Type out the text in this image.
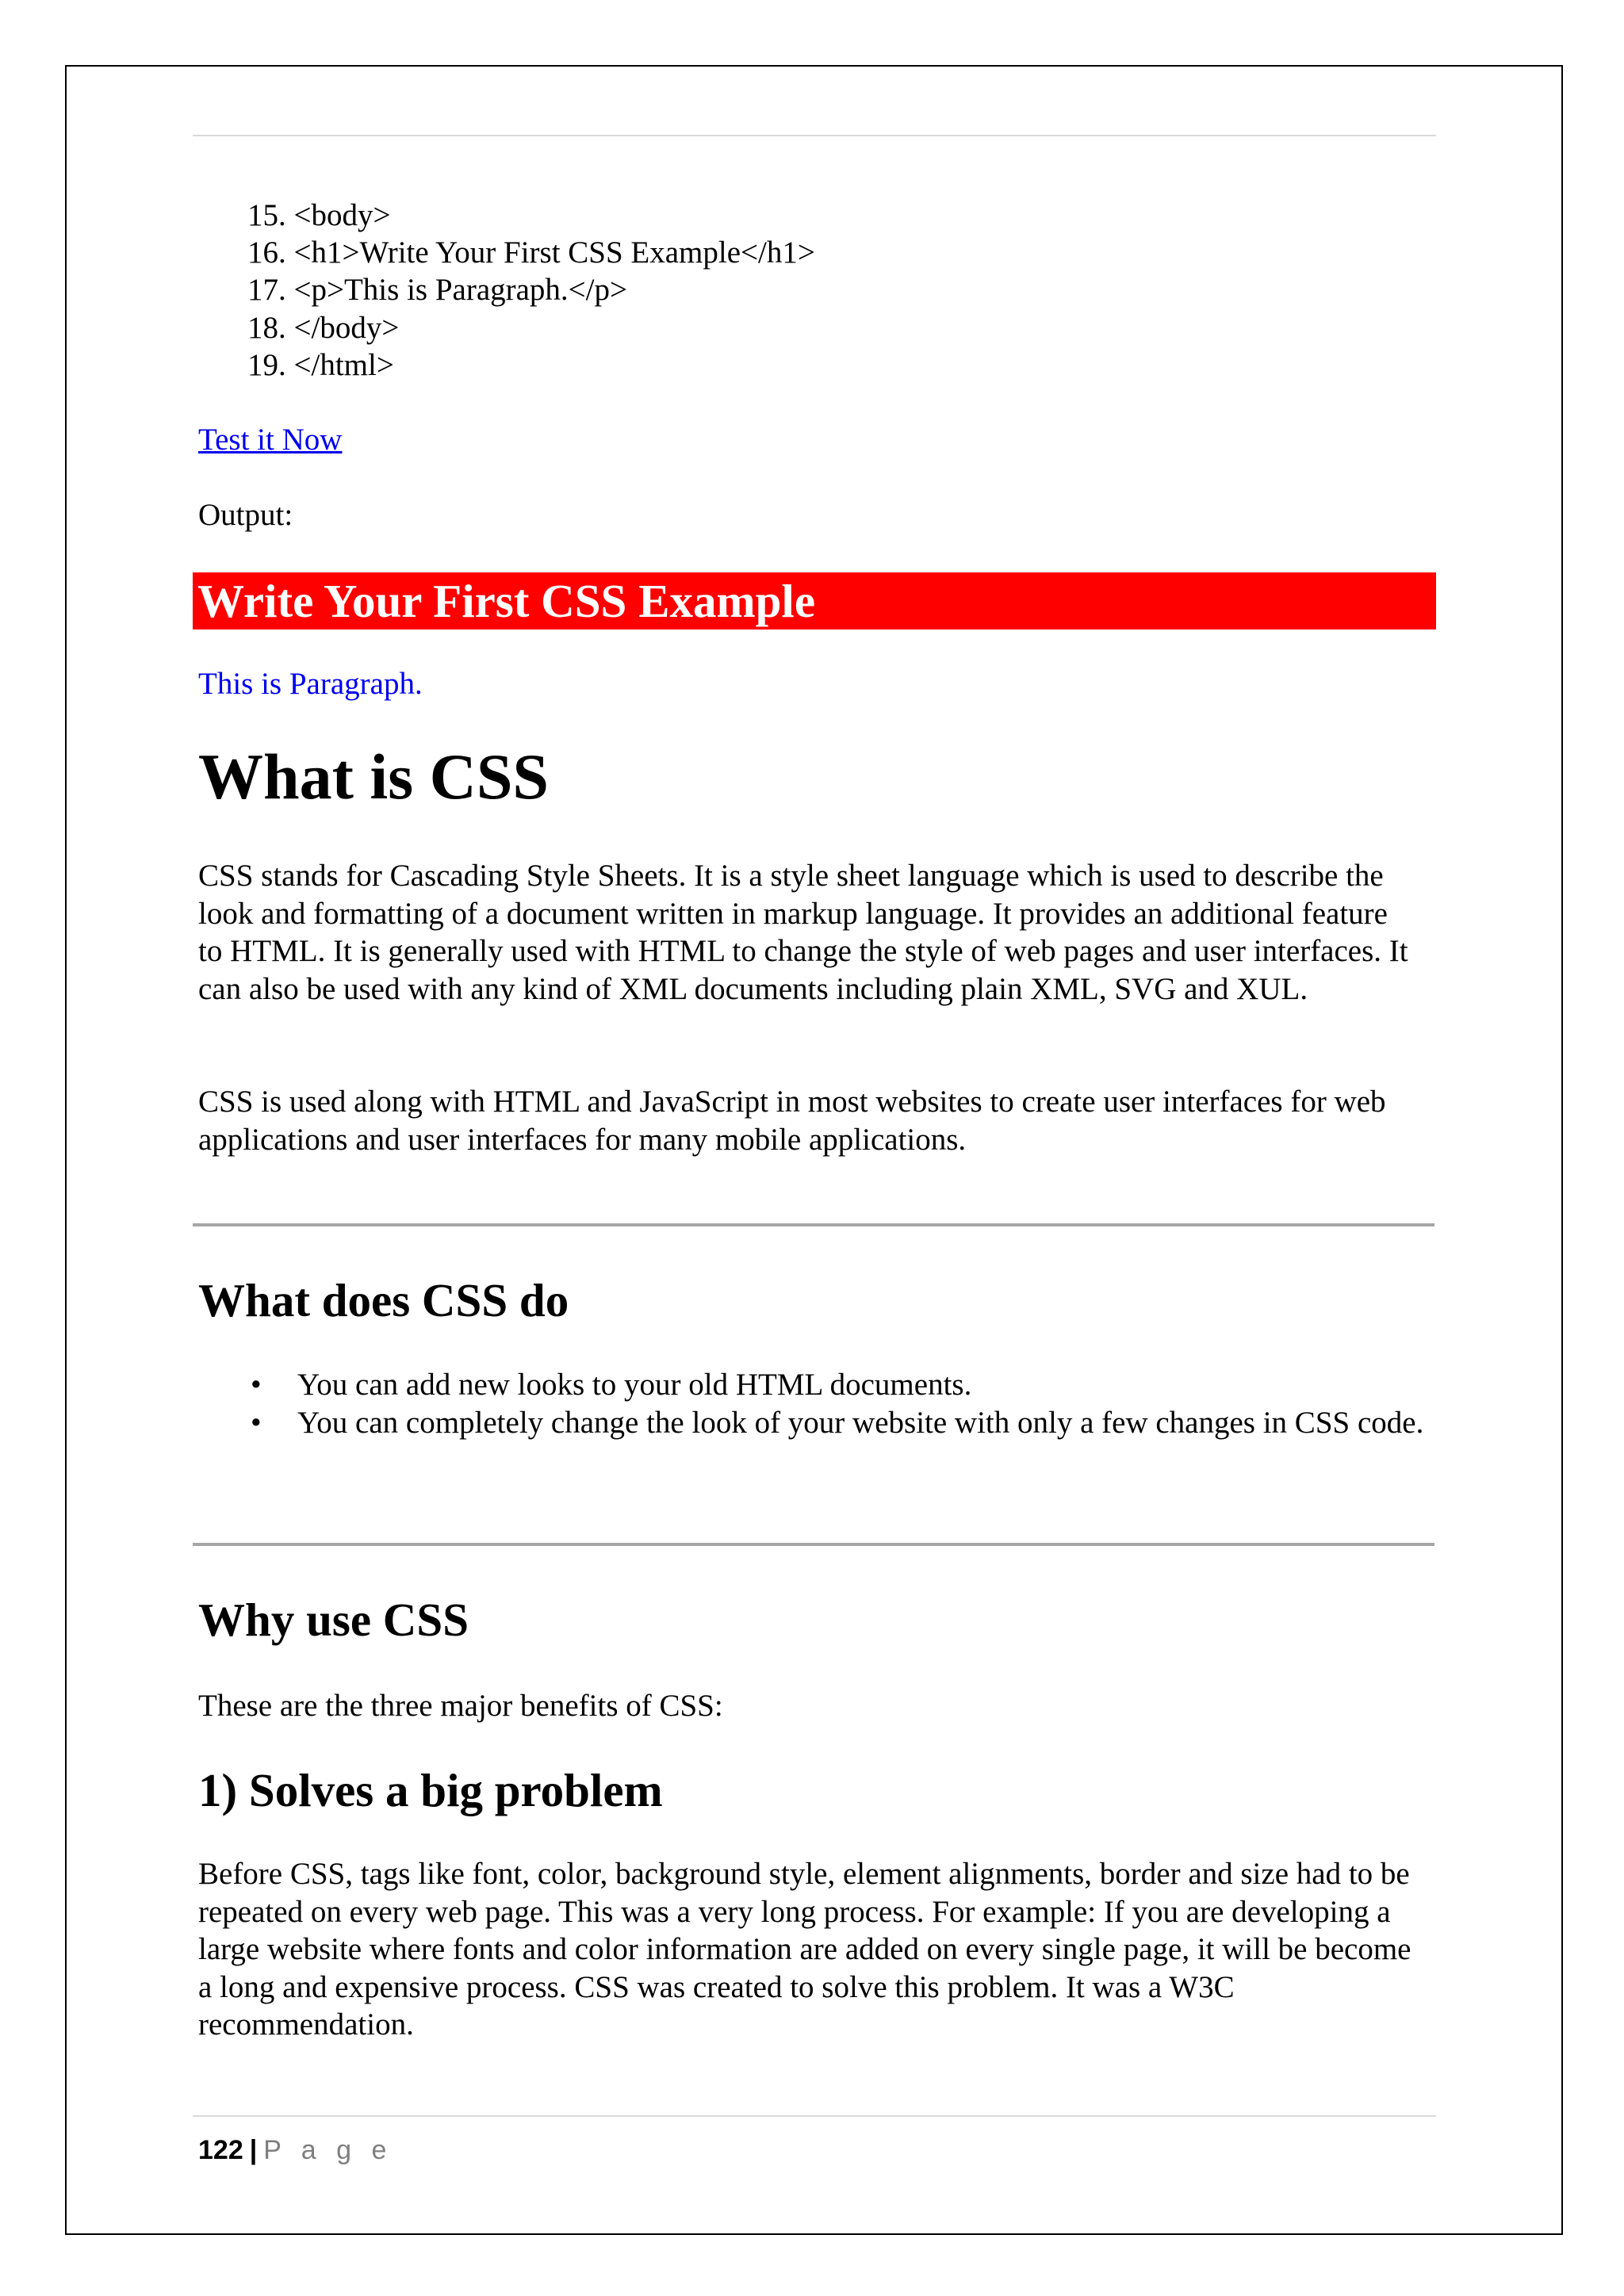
15. <body>
16. <h1>Write Your First CSS Example</h1>
17. <p>This is Paragraph.</p>
18. </body>
19. </html>
Test it Now
Output:
This is Paragraph.
What is CSS
CSS stands for Cascading Style Sheets. It is a style sheet language which is used to describe the look and formatting of a document written in markup language. It provides an additional feature to HTML. It is generally used with HTML to change the style of web pages and user interfaces. It can also be used with any kind of XML documents including plain XML, SVG and XUL.
CSS is used along with HTML and JavaScript in most websites to create user interfaces for web applications and user interfaces for many mobile applications.
What does CSS do
• You can add new looks to your old HTML documents.
• You can completely change the look of your website with only a few changes in CSS code.
Why use CSS
These are the three major benefits of CSS:
1) Solves a big problem
Before CSS, tags like font, color, background style, element alignments, border and size had to be repeated on every web page. This was a very long process. For example: If you are developing a large website where fonts and color information are added on every single page, it will be become a long and expensive process. CSS was created to solve this problem. It was a W3C recommendation.
Write Your First CSS Example
122 | P a g e
